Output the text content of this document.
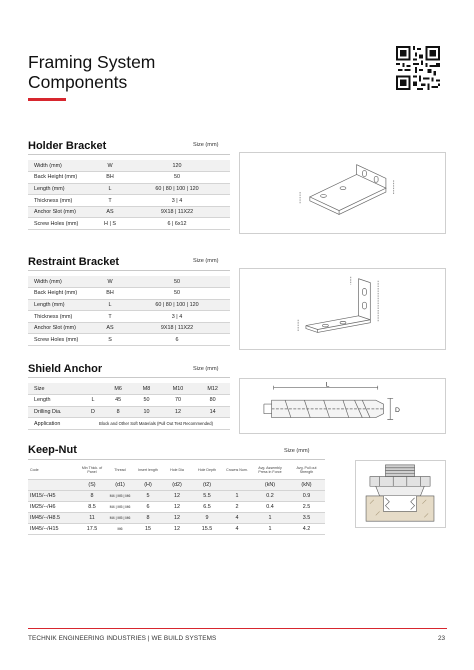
Framing System
Components
Holder Bracket	Size (mm)
Width (mm)	W	120
Back Height (mm)	BH	50
Length (mm)	L	60 | 80 | 100 | 120
Thickness (mm)	T	3 | 4
Anchor Slot (mm)	AS	9X18 | 11X22
Screw Holes (mm)	H | S	6 | 6x12
Restraint Bracket	Size (mm)
Width (mm)	W	50
Back Height (mm)	BH	50
Length (mm)	L	60 | 80 | 100 | 120
Thickness (mm)	T	3 | 4
Anchor Slot (mm)	AS	9X18 | 11X22
Screw Holes (mm)	S	6
Shield Anchor	Size (mm)
Size		M6	M8	M10	M12
Length	L	45	50	70	80
Drilling Dia.	D	8	10	12	14
Application	Block and Other Soft Materials (Pull Out Test Recommended)				
L
D
Keep-Nut	Size (mm)
Code	Min Thick. of Panel	Thread	Insert length	Hole Dia	Hole Depth	Crowns Num.	Avg. Assembly Press in Force	Avg. Pull out Strength
	(S)	(d1)	(H)	(d2)	(t2)		(kN)	(kN)
IM15/--/H5	8	M4 | M5 | M6	5	12	5.5	1	0.2	0.9
IM25/--/H6	8.5	M4 | M5 | M6	6	12	6.5	2	0.4	2.5
IM45/--/H8.5	11	M4 | M5 | M6	8	12	9	4	1	3.5
IM45/--/H15	17.5	M6	15	12	15.5	4	1	4.2
TECHNIK ENGINEERING INDUSTRIES | WE BUILD SYSTEMS	23
